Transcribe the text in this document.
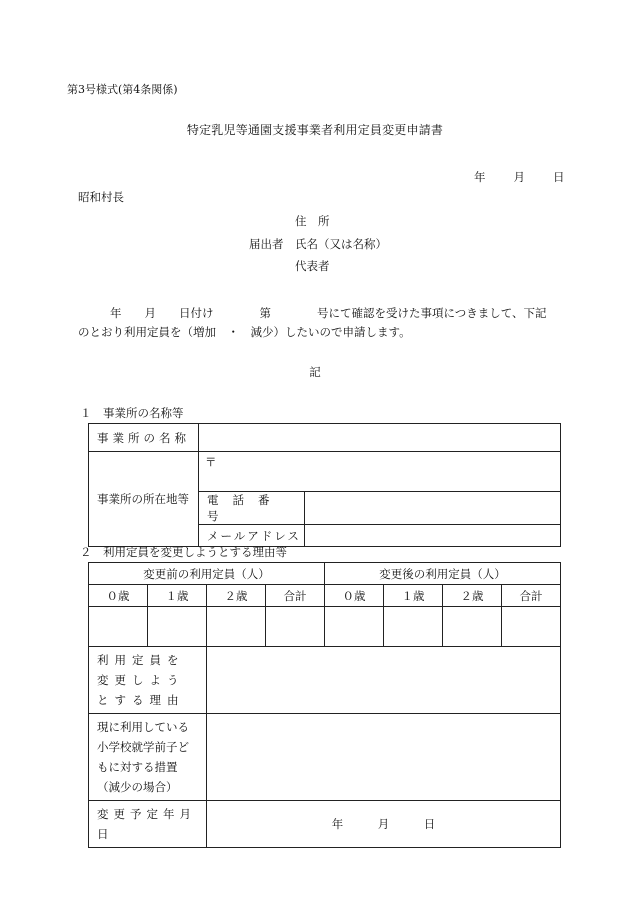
第3号様式(第4条関係)
特定乳児等通園支援事業者利用定員変更申請書
年 月 日
昭和村長
住　所
届出者　氏名（又は名称）
代表者
年　　月　　日付け　　　　第　　　　号にて確認を受けた事項につきまして、下記
のとおり利用定員を（増加　・　減少）したいので申請します。
記
１　事業所の名称等
事業所の名称		
事業所の所在地等	〒	

	電話番号	
	メールアドレス	
２　利用定員を変更しようとする理由等
変更前の利用定員（人）				変更後の利用定員（人）			
０歳	１歳	２歳	合計	０歳	１歳	２歳	合計

利用定員を変更しようとする理由							
現に利用している小学校就学前子どもに対する措置（減少の場合）							
変更予定年月日		年　　　月　　　日					
